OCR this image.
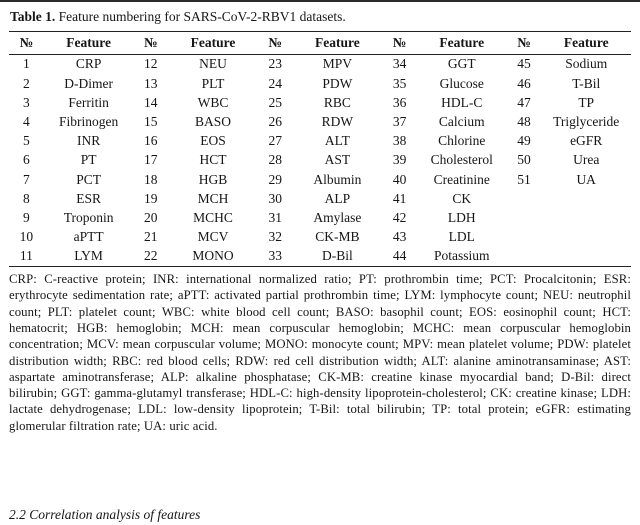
Table 1. Feature numbering for SARS-CoV-2-RBV1 datasets.
№	Feature	№	Feature	№	Feature	№	Feature	№	Feature
1	CRP	12	NEU	23	MPV	34	GGT	45	Sodium
2	D-Dimer	13	PLT	24	PDW	35	Glucose	46	T-Bil
3	Ferritin	14	WBC	25	RBC	36	HDL-C	47	TP
4	Fibrinogen	15	BASO	26	RDW	37	Calcium	48	Triglyceride
5	INR	16	EOS	27	ALT	38	Chlorine	49	eGFR
6	PT	17	HCT	28	AST	39	Cholesterol	50	Urea
7	PCT	18	HGB	29	Albumin	40	Creatinine	51	UA
8	ESR	19	MCH	30	ALP	41	CK		
9	Troponin	20	MCHC	31	Amylase	42	LDH		
10	aPTT	21	MCV	32	CK-MB	43	LDL		
11	LYM	22	MONO	33	D-Bil	44	Potassium		
CRP: C-reactive protein; INR: international normalized ratio; PT: prothrombin time; PCT: Procalcitonin; ESR: erythrocyte sedimentation rate; aPTT: activated partial prothrombin time; LYM: lymphocyte count; NEU: neutrophil count; PLT: platelet count; WBC: white blood cell count; BASO: basophil count; EOS: eosinophil count; HCT: hematocrit; HGB: hemoglobin; MCH: mean corpuscular hemoglobin; MCHC: mean corpuscular hemoglobin concentration; MCV: mean corpuscular volume; MONO: monocyte count; MPV: mean platelet volume; PDW: platelet distribution width; RBC: red blood cells; RDW: red cell distribution width; ALT: alanine aminotransaminase; AST: aspartate aminotransferase; ALP: alkaline phosphatase; CK-MB: creatine kinase myocardial band; D-Bil: direct bilirubin; GGT: gamma-glutamyl transferase; HDL-C: high-density lipoprotein-cholesterol; CK: creatine kinase; LDH: lactate dehydrogenase; LDL: low-density lipoprotein; T-Bil: total bilirubin; TP: total protein; eGFR: estimating glomerular filtration rate; UA: uric acid.
2.2 Correlation analysis of features
